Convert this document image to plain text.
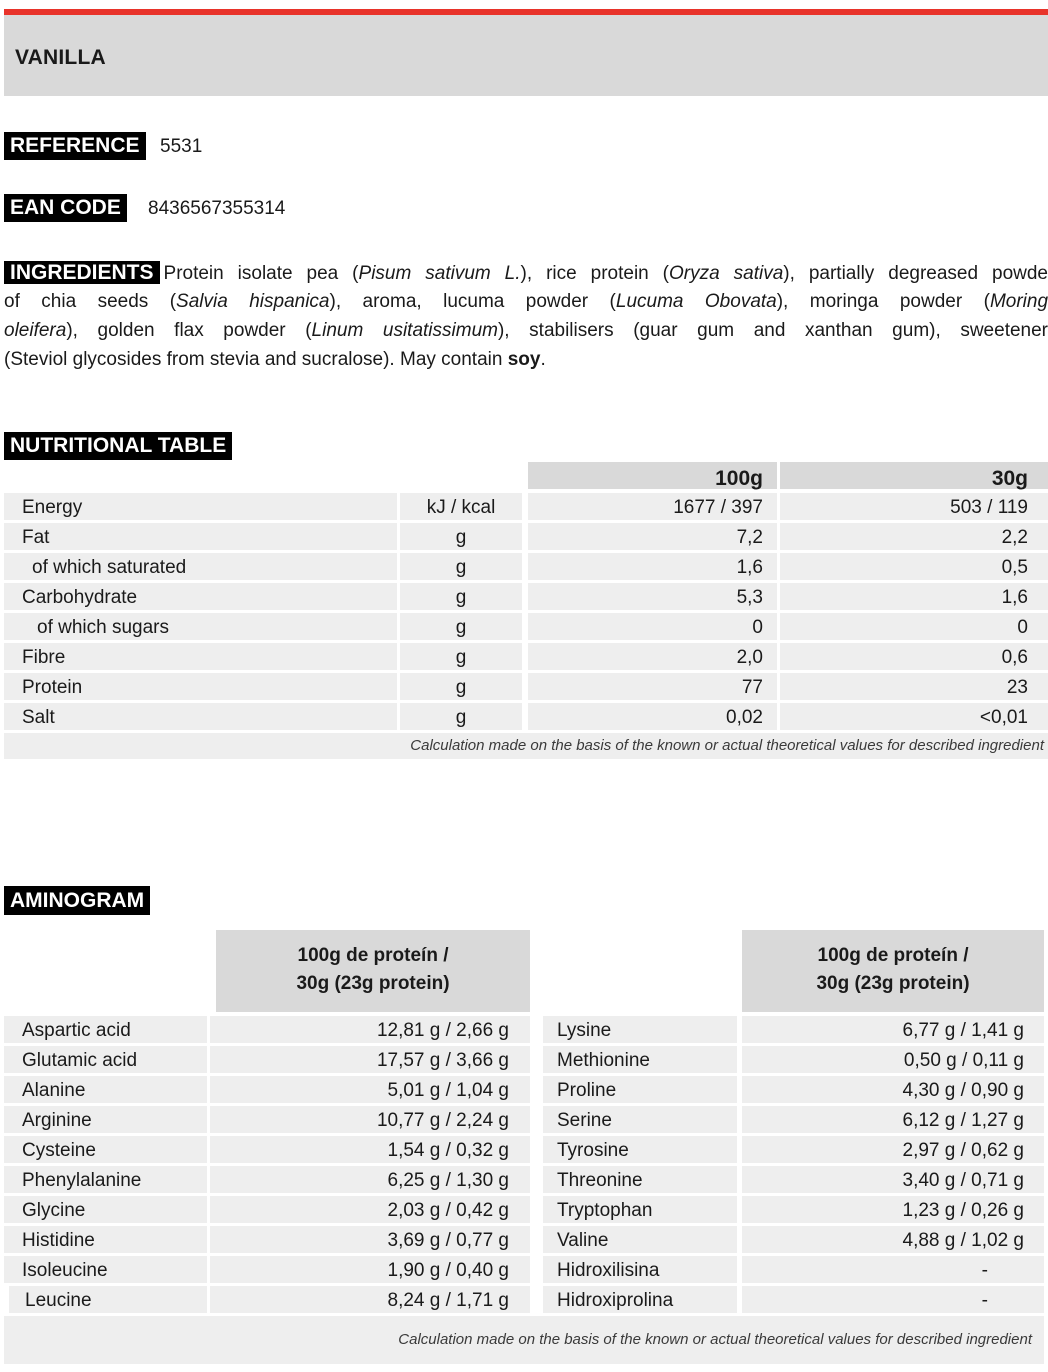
VANILLA
REFERENCE	5531
EAN CODE	8436567355314
INGREDIENTS Protein isolate pea (Pisum sativum L.), rice protein (Oryza sativa), partially degreased powde
of chia seeds (Salvia hispanica), aroma, lucuma powder (Lucuma Obovata), moringa powder (Moring
oleifera), golden flax powder (Linum usitatissimum), stabilisers (guar gum and xanthan gum), sweetener
(Steviol glycosides from stevia and sucralose). May contain soy.
NUTRITIONAL TABLE
100g	30g
Energy	kJ / kcal	1677 / 397	503 / 119
Fat	g	7,2	2,2
of which saturated	g	1,6	0,5
Carbohydrate	g	5,3	1,6
of which sugars	g	0	0
Fibre	g	2,0	0,6
Protein	g	77	23
Salt	g	0,02	<0,01
Calculation made on the basis of the known or actual theoretical values for described ingredient
AMINOGRAM
100g de proteín /
30g (23g protein)
100g de proteín /
30g (23g protein)
Aspartic acid	12,81 g / 2,66 g
Glutamic acid	17,57 g / 3,66 g
Alanine	5,01 g / 1,04 g
Arginine	10,77 g / 2,24 g
Cysteine	1,54 g / 0,32 g
Phenylalanine	6,25 g / 1,30 g
Glycine	2,03 g / 0,42 g
Histidine	3,69 g / 0,77 g
Isoleucine	1,90 g / 0,40 g
Leucine	8,24 g / 1,71 g
Lysine	6,77 g / 1,41 g
Methionine	0,50 g / 0,11 g
Proline	4,30 g / 0,90 g
Serine	6,12 g / 1,27 g
Tyrosine	2,97 g / 0,62 g
Threonine	3,40 g / 0,71 g
Tryptophan	1,23 g / 0,26 g
Valine	4,88 g / 1,02 g
Hidroxilisina	-
Hidroxiprolina	-
Calculation made on the basis of the known or actual theoretical values for described ingredient
